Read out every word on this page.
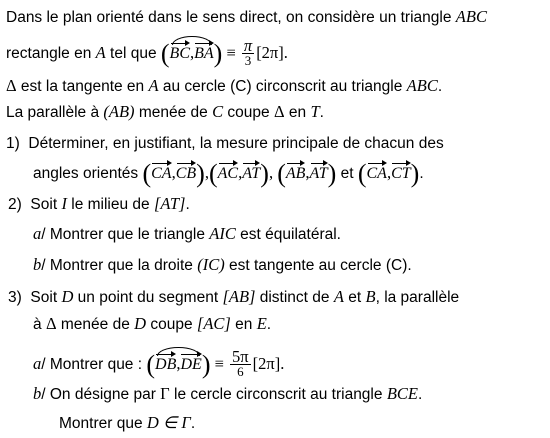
Dans le plan orienté dans le sens direct, on considère un triangle ABC
rectangle en A tel que $(BC,BA) \equiv \frac{\pi}{3} [2\pi]$.
Δ est la tangente en A au cercle (C) circonscrit au triangle ABC.
La parallèle à (AB) menée de C coupe Δ en T.
1) Déterminer, en justifiant, la mesure principale de chacun des
angles orientés (CA,CB),(AC,AT), (AB,AT) et (CA,CT).
2) Soit I le milieu de [AT].
a/ Montrer que le triangle AIC est équilatéral.
b/ Montrer que la droite (IC) est tangente au cercle (C).
3) Soit D un point du segment [AB] distinct de A et B, la parallèle
à Δ menée de D coupe [AC] en E.
a/ Montrer que : $(DB,DE) \equiv \frac{5\pi}{6} [2\pi]$.
b/ On désigne par Γ le cercle circonscrit au triangle BCE.
Montrer que D ∈ Γ.
